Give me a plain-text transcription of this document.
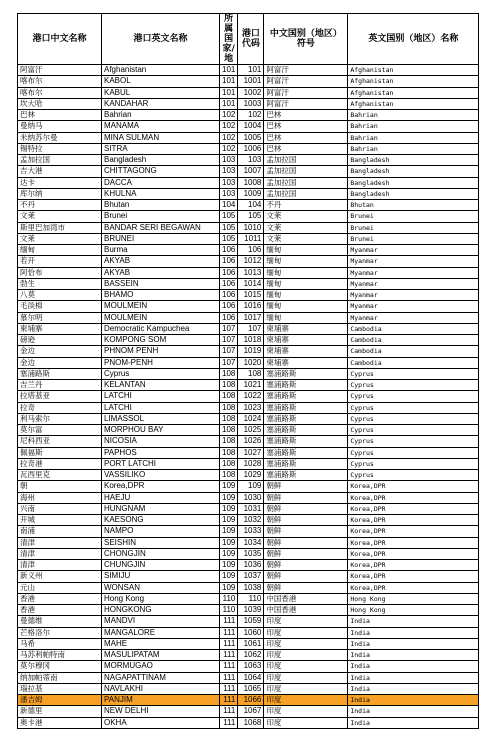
港口中文名称	港口英文名称	所属国家/地	港口代码	中文国别（地区）符号	英文国别（地区）名称
阿富汗	Afghanistan	101	101	阿富汗	Afghanistan
喀布尔	KABOL	101	1001	阿富汗	Afghanistan
喀布尔	KABUL	101	1002	阿富汗	Afghanistan
坎大哈	KANDAHAR	101	1003	阿富汗	Afghanistan
巴林	Bahrian	102	102	巴林	Bahrian
曼纳马	MANAMA	102	1004	巴林	Bahrian
米纳苏尔曼	MINA SULMAN	102	1005	巴林	Bahrian
锡特拉	SITRA	102	1006	巴林	Bahrian
孟加拉国	Bangladesh	103	103	孟加拉国	Bangladesh
吉大港	CHITTAGONG	103	1007	孟加拉国	Bangladesh
达卡	DACCA	103	1008	孟加拉国	Bangladesh
库尔纳	KHULNA	103	1009	孟加拉国	Bangladesh
不丹	Bhutan	104	104	不丹	Bhutan
文莱	Brunei	105	105	文莱	Brunei
斯里巴加湾市	BANDAR SERI BEGAWAN	105	1010	文莱	Brunei
文莱	BRUNEI	105	1011	文莱	Brunei
缅甸	Burma	106	106	缅甸	Myanmar
若开	AKYAB	106	1012	缅甸	Myanmar
阿恰布	AKYAB	106	1013	缅甸	Myanmar
勃生	BASSEIN	106	1014	缅甸	Myanmar
八莫	BHAMO	106	1015	缅甸	Myanmar
毛淡棉	MOULMEIN	106	1016	缅甸	Myanmar
慕尔明	MOULMEIN	106	1017	缅甸	Myanmar
柬埔寨	Democratic Kampuchea	107	107	柬埔寨	Cambodia
磅逊	KOMPONG SOM	107	1018	柬埔寨	Cambodia
金边	PHNOM PENH	107	1019	柬埔寨	Cambodia
金边	PNOM-PENH	107	1020	柬埔寨	Cambodia
塞浦路斯	Cyprus	108	108	塞浦路斯	Cyprus
吉兰丹	KELANTAN	108	1021	塞浦路斯	Cyprus
拉塔基亚	LATCHI	108	1022	塞浦路斯	Cyprus
拉奇	LATCHI	108	1023	塞浦路斯	Cyprus
利马索尔	LIMASSOL	108	1024	塞浦路斯	Cyprus
莫尔富	MORPHOU BAY	108	1025	塞浦路斯	Cyprus
尼科西亚	NICOSIA	108	1026	塞浦路斯	Cyprus
佩福斯	PAPHOS	108	1027	塞浦路斯	Cyprus
拉奇港	PORT LATCHI	108	1028	塞浦路斯	Cyprus
瓦西里克	VASSILIKO	108	1029	塞浦路斯	Cyprus
朝	Korea,DPR	109	109	朝鲜	Korea,DPR
海州	HAEJU	109	1030	朝鲜	Korea,DPR
兴南	HUNGNAM	109	1031	朝鲜	Korea,DPR
开城	KAESONG	109	1032	朝鲜	Korea,DPR
南浦	NAMPO	109	1033	朝鲜	Korea,DPR
清津	SEISHIN	109	1034	朝鲜	Korea,DPR
清津	CHONGJIN	109	1035	朝鲜	Korea,DPR
清津	CHUNGJIN	109	1036	朝鲜	Korea,DPR
新义州	SIMIJU	109	1037	朝鲜	Korea,DPR
元山	WONSAN	109	1038	朝鲜	Korea,DPR
香港	Hong Kong	110	110	中国香港	Hong Kong
香港	HONGKONG	110	1039	中国香港	Hong Kong
曼德维	MANDVI	111	1059	印度	India
芒格洛尔	MANGALORE	111	1060	印度	India
马希	MAHE	111	1061	印度	India
马苏利帕特南	MASULIPATAM	111	1062	印度	India
莫尔穆冈	MORMUGAO	111	1063	印度	India
纳加帕蒂南	NAGAPATTINAM	111	1064	印度	India
瑙拉基	NAVLAKHI	111	1065	印度	India
潘吉姆	PANJIM	111	1066	印度	India
新德里	NEW DELHI	111	1067	印度	India
奥卡港	OKHA	111	1068	印度	India
